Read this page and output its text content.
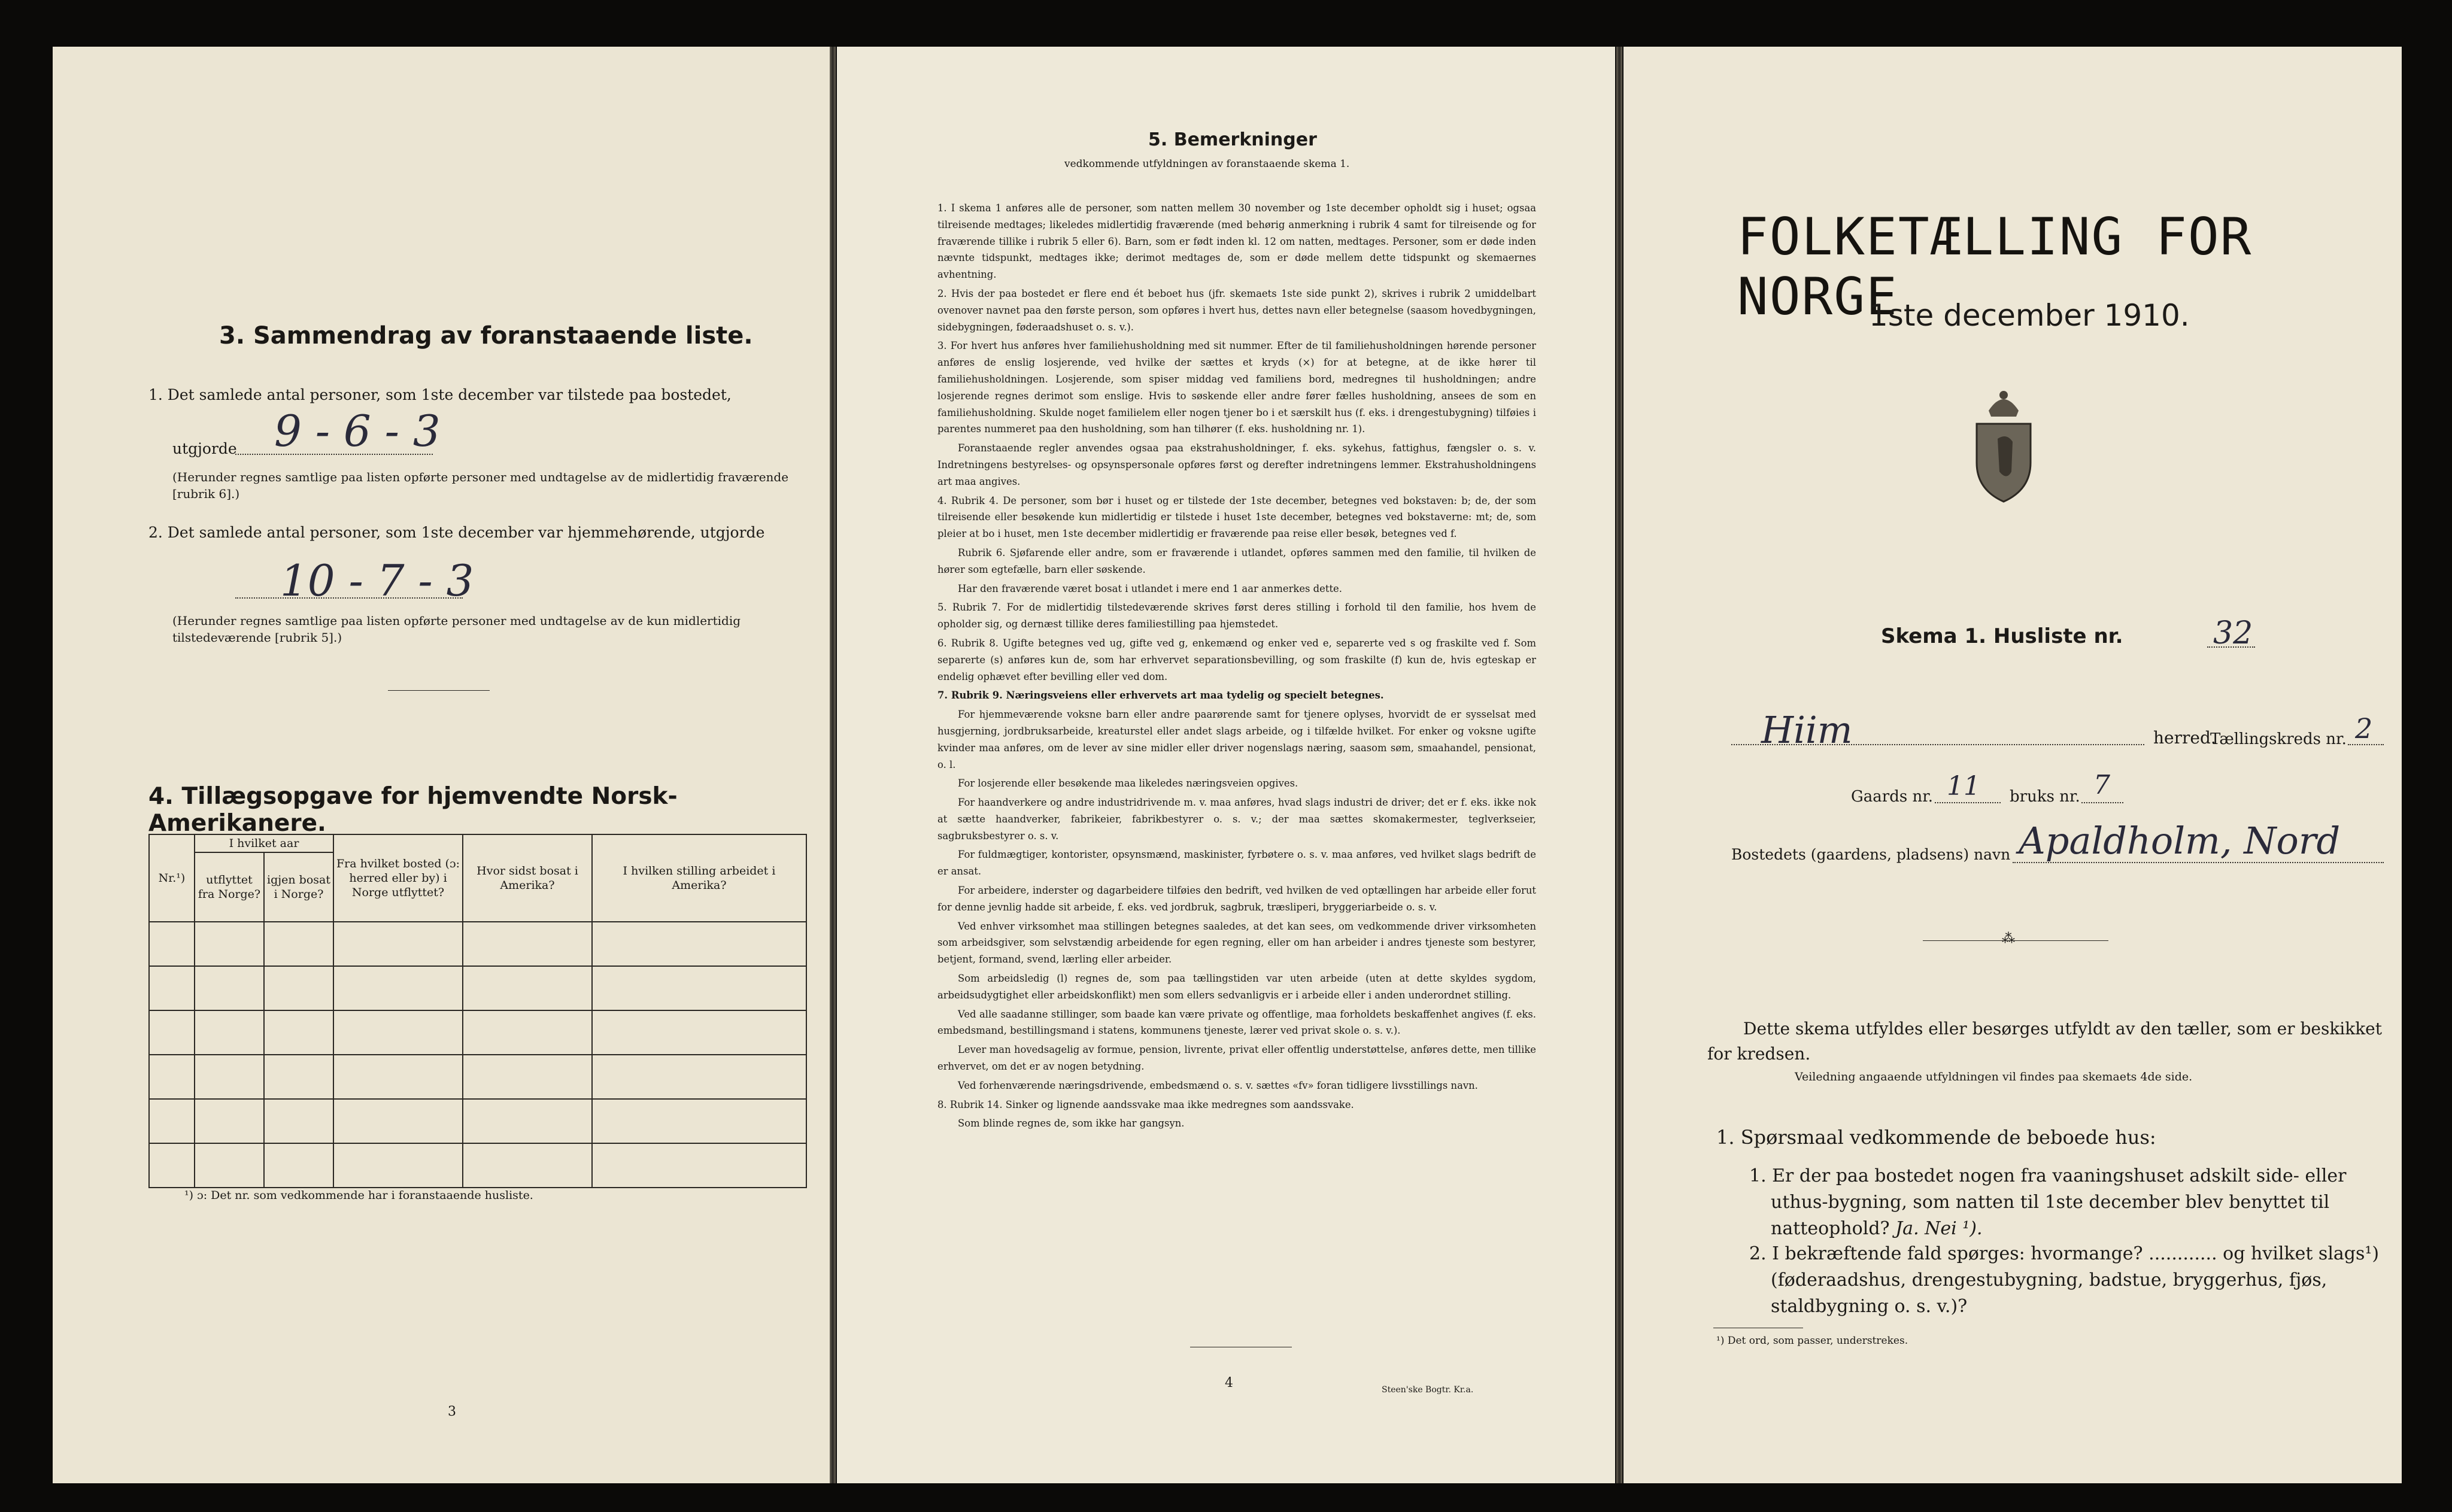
3. Sammendrag av foranstaaende liste.
1. Det samlede antal personer, som 1ste december var tilstede paa bostedet,
utgjorde 9 - 6 - 3
(Herunder regnes samtlige paa listen opførte personer med undtagelse av de midlertidig fraværende [rubrik 6].)
2. Det samlede antal personer, som 1ste december var hjemmehørende, utgjorde
10 - 7 - 3
(Herunder regnes samtlige paa listen opførte personer med undtagelse av de kun midlertidig tilstedeværende [rubrik 5].)
4. Tillægsopgave for hjemvendte Norsk-Amerikanere.
Nr.¹)	I hvilket aar		Fra hvilket bosted (ɔ: herred eller by) i Norge utflyttet?	Hvor sidst bosat i Amerika?	I hvilken stilling arbeidet i Amerika?
	utflyttet fra Norge?	igjen bosat i Norge?			

¹) ɔ: Det nr. som vedkommende har i foranstaaende husliste.
3
5. Bemerkninger
vedkommende utfyldningen av foranstaaende skema 1.

1. I skema 1 anføres alle de personer, som natten mellem 30 november og 1ste december opholdt sig i huset; ogsaa tilreisende medtages; likeledes midlertidig fraværende (med behørig anmerkning i rubrik 4 samt for tilreisende og for fraværende tillike i rubrik 5 eller 6). Barn, som er født inden kl. 12 om natten, medtages. Personer, som er døde inden nævnte tidspunkt, medtages ikke; derimot medtages de, som er døde mellem dette tidspunkt og skemaernes avhentning.

2. Hvis der paa bostedet er flere end ét beboet hus (jfr. skemaets 1ste side punkt 2), skrives i rubrik 2 umiddelbart ovenover navnet paa den første person, som opføres i hvert hus, dettes navn eller betegnelse (saasom hovedbygningen, sidebygningen, føderaadshuset o. s. v.).

3. For hvert hus anføres hver familiehusholdning med sit nummer. Efter de til familiehusholdningen hørende personer anføres de enslig losjerende, ved hvilke der sættes et kryds (×) for at betegne, at de ikke hører til familiehusholdningen. Losjerende, som spiser middag ved familiens bord, medregnes til husholdningen; andre losjerende regnes derimot som enslige. Hvis to søskende eller andre fører fælles husholdning, ansees de som en familiehusholdning. Skulde noget familielem eller nogen tjener bo i et særskilt hus (f. eks. i drengestubygning) tilføies i parentes nummeret paa den husholdning, som han tilhører (f. eks. husholdning nr. 1).

Foranstaaende regler anvendes ogsaa paa ekstrahusholdninger, f. eks. sykehus, fattighus, fængsler o. s. v. Indretningens bestyrelses- og opsynspersonale opføres først og derefter indretningens lemmer. Ekstrahusholdningens art maa angives.

4. Rubrik 4. De personer, som bør i huset og er tilstede der 1ste december, betegnes ved bokstaven: b; de, der som tilreisende eller besøkende kun midlertidig er tilstede i huset 1ste december, betegnes ved bokstaverne: mt; de, som pleier at bo i huset, men 1ste december midlertidig er fraværende paa reise eller besøk, betegnes ved f.

Rubrik 6. Sjøfarende eller andre, som er fraværende i utlandet, opføres sammen med den familie, til hvilken de hører som egtefælle, barn eller søskende.

Har den fraværende været bosat i utlandet i mere end 1 aar anmerkes dette.

5. Rubrik 7. For de midlertidig tilstedeværende skrives først deres stilling i forhold til den familie, hos hvem de opholder sig, og dernæst tillike deres familiestilling paa hjemstedet.

6. Rubrik 8. Ugifte betegnes ved ug, gifte ved g, enkemænd og enker ved e, separerte ved s og fraskilte ved f. Som separerte (s) anføres kun de, som har erhvervet separationsbevilling, og som fraskilte (f) kun de, hvis egteskap er endelig ophævet efter bevilling eller ved dom.

7. Rubrik 9. Næringsveiens eller erhvervets art maa tydelig og specielt betegnes.

For hjemmeværende voksne barn eller andre paarørende samt for tjenere oplyses, hvorvidt de er sysselsat med husgjerning, jordbruksarbeide, kreaturstel eller andet slags arbeide, og i tilfælde hvilket. For enker og voksne ugifte kvinder maa anføres, om de lever av sine midler eller driver nogenslags næring, saasom søm, smaahandel, pensionat, o. l.

For losjerende eller besøkende maa likeledes næringsveien opgives.

For haandverkere og andre industridrivende m. v. maa anføres, hvad slags industri de driver; det er f. eks. ikke nok at sætte haandverker, fabrikeier, fabrikbestyrer o. s. v.; der maa sættes skomakermester, teglverkseier, sagbruksbestyrer o. s. v.

For fuldmægtiger, kontorister, opsynsmænd, maskinister, fyrbøtere o. s. v. maa anføres, ved hvilket slags bedrift de er ansat.

For arbeidere, inderster og dagarbeidere tilføies den bedrift, ved hvilken de ved optællingen har arbeide eller forut for denne jevnlig hadde sit arbeide, f. eks. ved jordbruk, sagbruk, træsliperi, bryggeriarbeide o. s. v.

Ved enhver virksomhet maa stillingen betegnes saaledes, at det kan sees, om vedkommende driver virksomheten som arbeidsgiver, som selvstændig arbeidende for egen regning, eller om han arbeider i andres tjeneste som bestyrer, betjent, formand, svend, lærling eller arbeider.

Som arbeidsledig (l) regnes de, som paa tællingstiden var uten arbeide (uten at dette skyldes sygdom, arbeidsudygtighet eller arbeidskonflikt) men som ellers sedvanligvis er i arbeide eller i anden underordnet stilling.

Ved alle saadanne stillinger, som baade kan være private og offentlige, maa forholdets beskaffenhet angives (f. eks. embedsmand, bestillingsmand i statens, kommunens tjeneste, lærer ved privat skole o. s. v.).

Lever man hovedsagelig av formue, pension, livrente, privat eller offentlig understøttelse, anføres dette, men tillike erhvervet, om det er av nogen betydning.

Ved forhenværende næringsdrivende, embedsmænd o. s. v. sættes «fv» foran tidligere livsstillings navn.

8. Rubrik 14. Sinker og lignende aandssvake maa ikke medregnes som aandssvake.

Som blinde regnes de, som ikke har gangsyn.

4	Steen'ske Bogtr. Kr.a.
FOLKETÆLLING FOR NORGE
1ste december 1910.
Skema 1. Husliste nr.	32
Hiim	herred.
Tællingskreds nr. 2
Gaards nr. 11 bruks nr. 7
Bostedets (gaardens, pladsens) navn Apaldholm, Nord
⁂
Dette skema utfyldes eller besørges utfyldt av den tæller, som er beskikket for kredsen.
Veiledning angaaende utfyldningen vil findes paa skemaets 4de side.
1. Spørsmaal vedkommende de beboede hus:
1. Er der paa bostedet nogen fra vaaningshuset adskilt side- eller uthus-bygning, som natten til 1ste december blev benyttet til natteophold? Ja. Nei ¹).
2. I bekræftende fald spørges: hvormange? ............ og hvilket slags¹) (føderaadshus, drengestubygning, badstue, bryggerhus, fjøs, staldbygning o. s. v.)?
¹) Det ord, som passer, understrekes.
